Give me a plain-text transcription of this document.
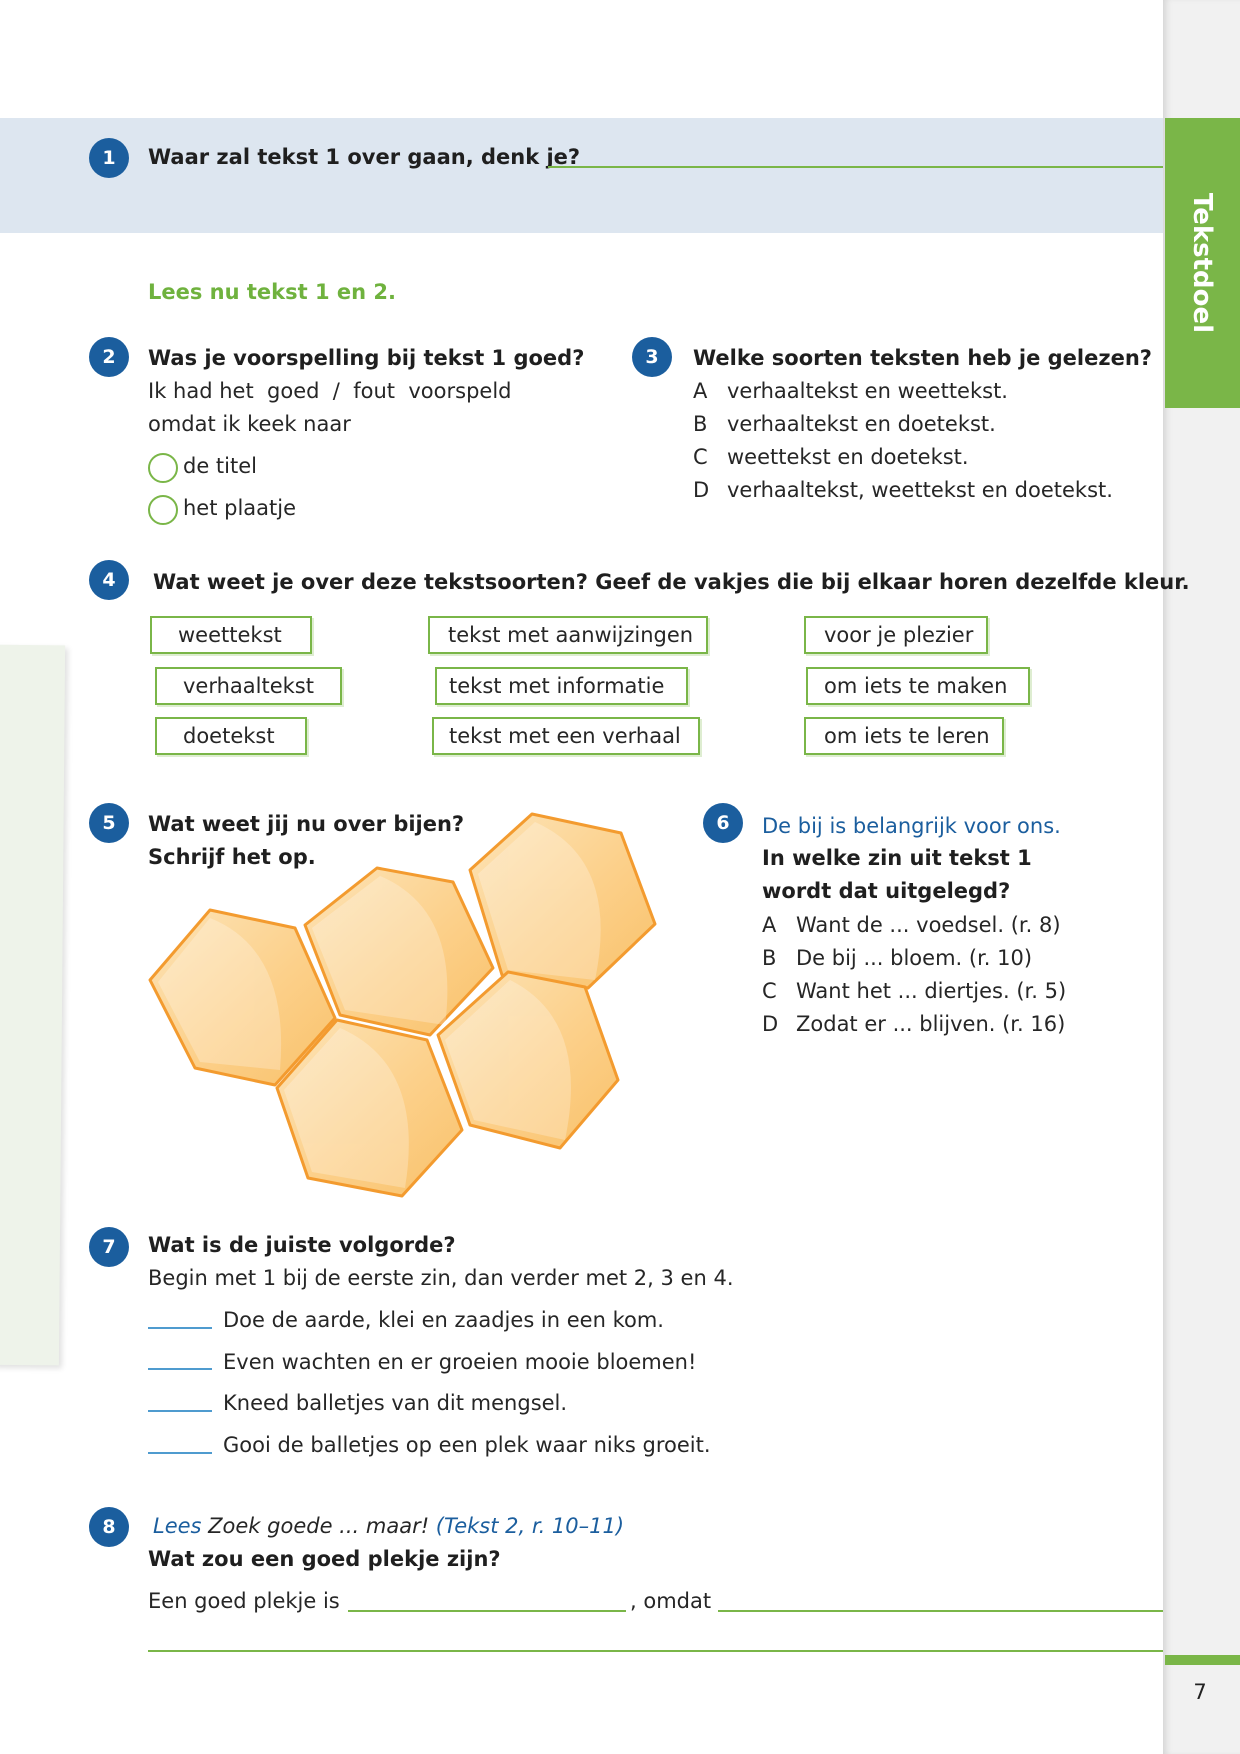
Tekstdoel
7
1	Waar zal tekst 1 over gaan, denk je?
Lees nu tekst 1 en 2.
2	Was je voorspelling bij tekst 1 goed?
Ik had het  goed  /  fout  voorspeld
omdat ik keek naar
de titel
het plaatje
3	Welke soorten teksten heb je gelezen?
A verhaaltekst en weettekst.
B verhaaltekst en doetekst.
C weettekst en doetekst.
D verhaaltekst, weettekst en doetekst.
4	Wat weet je over deze tekstsoorten? Geef de vakjes die bij elkaar horen dezelfde kleur.
weettekst
verhaaltekst
doetekst
tekst met aanwijzingen
tekst met informatie
tekst met een verhaal
voor je plezier
om iets te maken
om iets te leren
5	Wat weet jij nu over bijen?
Schrijf het op.
6	De bij is belangrijk voor ons.
In welke zin uit tekst 1
wordt dat uitgelegd?
A Want de ... voedsel. (r. 8)
B De bij ... bloem. (r. 10)
C Want het ... diertjes. (r. 5)
D Zodat er ... blijven. (r. 16)
7	Wat is de juiste volgorde?
Begin met 1 bij de eerste zin, dan verder met 2, 3 en 4.
Doe de aarde, klei en zaadjes in een kom.
Even wachten en er groeien mooie bloemen!
Kneed balletjes van dit mengsel.
Gooi de balletjes op een plek waar niks groeit.
8	Lees Zoek goede ... maar! (Tekst 2, r. 10–11)
Wat zou een goed plekje zijn?
Een goed plekje is	, omdat
